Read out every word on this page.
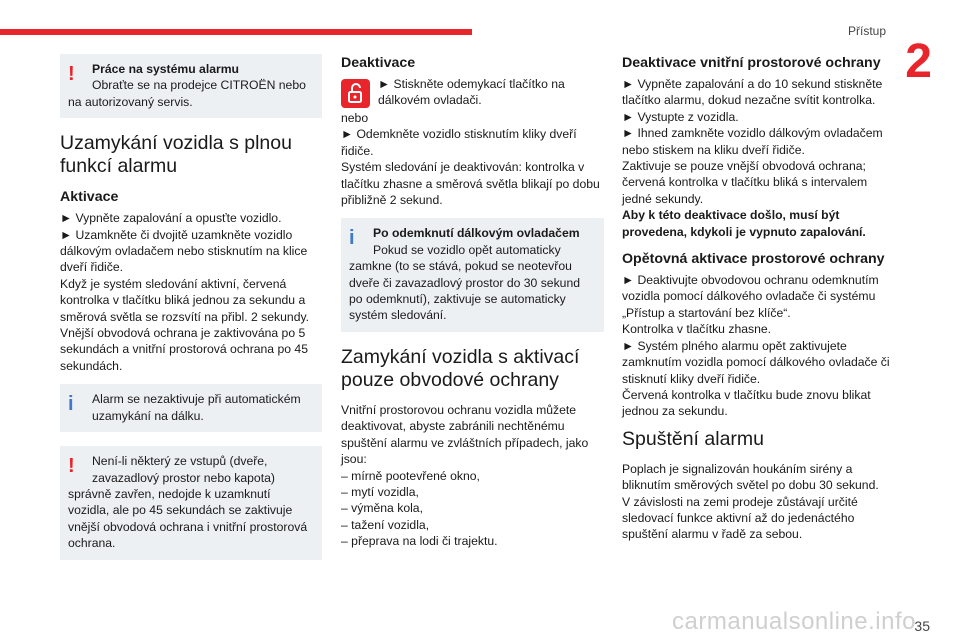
Přístup
2
!	Práce na systému alarmu
Obraťte se na prodejce CITROËN nebo
na autorizovaný servis.
Uzamykání vozidla s plnou funkcí alarmu
Aktivace

► Vypněte zapalování a opusťte vozidlo.

► Uzamkněte či dvojitě uzamkněte vozidlo dálkovým ovladačem nebo stisknutím na klice dveří řidiče.

Když je systém sledování aktivní, červená kontrolka v tlačítku bliká jednou za sekundu a směrová světla se rozsvítí na přibl. 2 sekundy.

Vnější obvodová ochrana je zaktivována po 5 sekundách a vnitřní prostorová ochrana po 45 sekundách.

i	Alarm se nezaktivuje při automatickém uzamykání na dálku.
!	Není-li některý ze vstupů (dveře, zavazadlový prostor nebo kapota)
správně zavřen, nedojde k uzamknutí vozidla, ale po 45 sekundách se zaktivuje vnější obvodová ochrana i vnitřní prostorová ochrana.
Deaktivace

► Stiskněte odemykací tlačítko na dálkovém ovladači.

nebo

► Odemkněte vozidlo stisknutím kliky dveří řidiče.

Systém sledování je deaktivován: kontrolka v tlačítku zhasne a směrová světla blikají po dobu přibližně 2 sekund.

i	Po odemknutí dálkovým ovladačem
Pokud se vozidlo opět automaticky
zamkne (to se stává, pokud se neotevřou dveře či zavazadlový prostor do 30 sekund po odemknutí), zaktivuje se automaticky systém sledování.
Zamykání vozidla s aktivací pouze obvodové ochrany

Vnitřní prostorovou ochranu vozidla můžete deaktivovat, abyste zabránili nechtěnému spuštění alarmu ve zvláštních případech, jako jsou:

– mírně pootevřené okno,

– mytí vozidla,

– výměna kola,

– tažení vozidla,

– přeprava na lodi či trajektu.

Deaktivace vnitřní prostorové ochrany

► Vypněte zapalování a do 10 sekund stiskněte tlačítko alarmu, dokud nezačne svítit kontrolka.

► Vystupte z vozidla.

► Ihned zamkněte vozidlo dálkovým ovladačem nebo stiskem na kliku dveří řidiče.

Zaktivuje se pouze vnější obvodová ochrana; červená kontrolka v tlačítku bliká s intervalem jedné sekundy.

Aby k této deaktivace došlo, musí být provedena, kdykoli je vypnuto zapalování.

Opětovná aktivace prostorové ochrany

► Deaktivujte obvodovou ochranu odemknutím vozidla pomocí dálkového ovladače či systému „Přístup a startování bez klíče“.

Kontrolka v tlačítku zhasne.

► Systém plného alarmu opět zaktivujete zamknutím vozidla pomocí dálkového ovladače či stisknutí kliky dveří řidiče.

Červená kontrolka v tlačítku bude znovu blikat jednou za sekundu.

Spuštění alarmu

Poplach je signalizován houkáním sirény a bliknutím směrových světel po dobu 30 sekund.

V závislosti na zemi prodeje zůstávají určité sledovací funkce aktivní až do jedenáctého spuštění alarmu v řadě za sebou.

carmanualsonline.info
35
